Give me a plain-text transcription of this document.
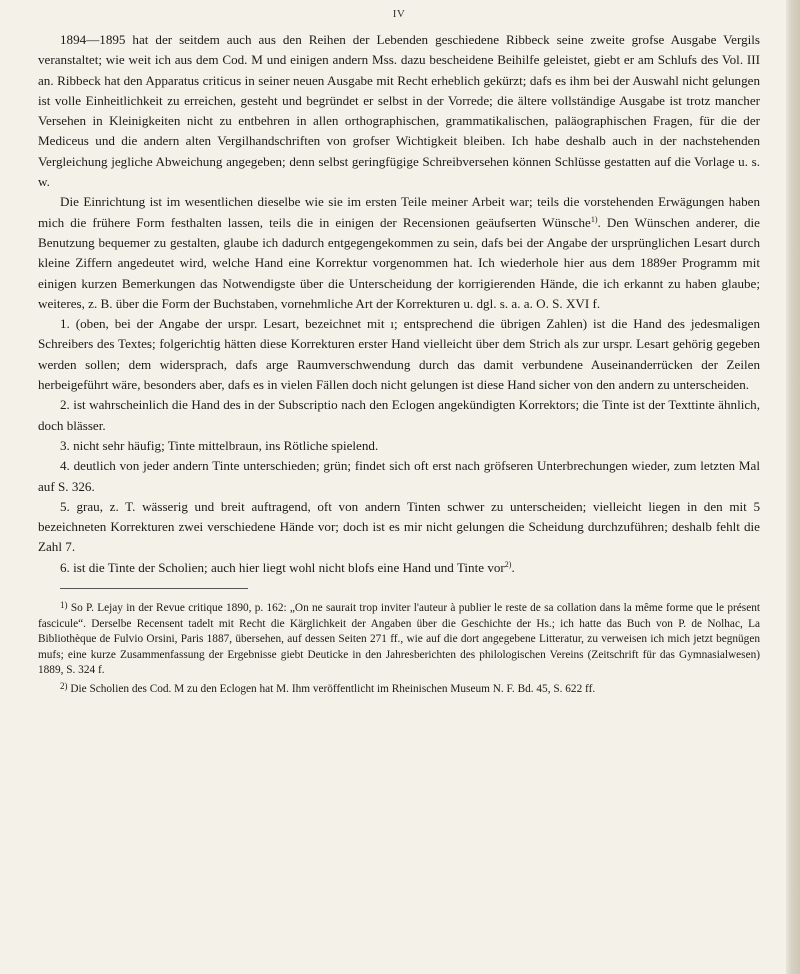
IV

1894—1895 hat der seitdem auch aus den Reihen der Lebenden geschiedene Ribbeck seine zweite grofse Ausgabe Vergils veranstaltet; wie weit ich aus dem Cod. M und einigen andern Mss. dazu bescheidene Beihilfe geleistet, giebt er am Schlufs des Vol. III an. Ribbeck hat den Apparatus criticus in seiner neuen Ausgabe mit Recht erheblich gekürzt; dafs es ihm bei der Auswahl nicht gelungen ist volle Einheitlichkeit zu erreichen, gesteht und begründet er selbst in der Vorrede; die ältere vollständige Ausgabe ist trotz mancher Versehen in Kleinigkeiten nicht zu entbehren in allen orthographischen, grammatikalischen, paläographischen Fragen, für die der Mediceus und die andern alten Vergilhandschriften von grofser Wichtigkeit bleiben. Ich habe deshalb auch in der nachstehenden Vergleichung jegliche Abweichung angegeben; denn selbst geringfügige Schreibversehen können Schlüsse gestatten auf die Vorlage u. s. w.

Die Einrichtung ist im wesentlichen dieselbe wie sie im ersten Teile meiner Arbeit war; teils die vorstehenden Erwägungen haben mich die frühere Form festhalten lassen, teils die in einigen der Recensionen geäufserten Wünsche$^{1)}$. Den Wünschen anderer, die Benutzung bequemer zu gestalten, glaube ich dadurch entgegengekommen zu sein, dafs bei der Angabe der ursprünglichen Lesart durch kleine Ziffern angedeutet wird, welche Hand eine Korrektur vorgenommen hat. Ich wiederhole hier aus dem 1889er Programm mit einigen kurzen Bemerkungen das Notwendigste über die Unterscheidung der korrigierenden Hände, die ich erkannt zu haben glaube; weiteres, z. B. über die Form der Buchstaben, vornehmliche Art der Korrekturen u. dgl. s. a. a. O. S. XVI f.

1. (oben, bei der Angabe der urspr. Lesart, bezeichnet mit ı; entsprechend die übrigen Zahlen) ist die Hand des jedesmaligen Schreibers des Textes; folgerichtig hätten diese Korrekturen erster Hand vielleicht über dem Strich als zur urspr. Lesart gehörig gegeben werden sollen; dem widersprach, dafs arge Raumverschwendung durch das damit verbundene Auseinanderrücken der Zeilen herbeigeführt wäre, besonders aber, dafs es in vielen Fällen doch nicht gelungen ist diese Hand sicher von den andern zu unterscheiden.

2. ist wahrscheinlich die Hand des in der Subscriptio nach den Eclogen angekündigten Korrektors; die Tinte ist der Texttinte ähnlich, doch blässer.

3. nicht sehr häufig; Tinte mittelbraun, ins Rötliche spielend.

4. deutlich von jeder andern Tinte unterschieden; grün; findet sich oft erst nach gröfseren Unterbrechungen wieder, zum letzten Mal auf S. 326.

5. grau, z. T. wässerig und breit auftragend, oft von andern Tinten schwer zu unterscheiden; vielleicht liegen in den mit 5 bezeichneten Korrekturen zwei verschiedene Hände vor; doch ist es mir nicht gelungen die Scheidung durchzuführen; deshalb fehlt die Zahl 7.

6. ist die Tinte der Scholien; auch hier liegt wohl nicht blofs eine Hand und Tinte vor$^{2)}$.

$^{1)}$ So P. Lejay in der Revue critique 1890, p. 162: „On ne saurait trop inviter l'auteur à publier le reste de sa collation dans la même forme que le présent fascicule“. Derselbe Recensent tadelt mit Recht die Kärglichkeit der Angaben über die Geschichte der Hs.; ich hatte das Buch von P. de Nolhac, La Bibliothèque de Fulvio Orsini, Paris 1887, übersehen, auf dessen Seiten 271 ff., wie auf die dort angegebene Litteratur, zu verweisen ich mich jetzt begnügen mufs; eine kurze Zusammenfassung der Ergebnisse giebt Deuticke in den Jahresberichten des philologischen Vereins (Zeitschrift für das Gymnasialwesen) 1889, S. 324 f.

$^{2)}$ Die Scholien des Cod. M zu den Eclogen hat M. Ihm veröffentlicht im Rheinischen Museum N. F. Bd. 45, S. 622 ff.
